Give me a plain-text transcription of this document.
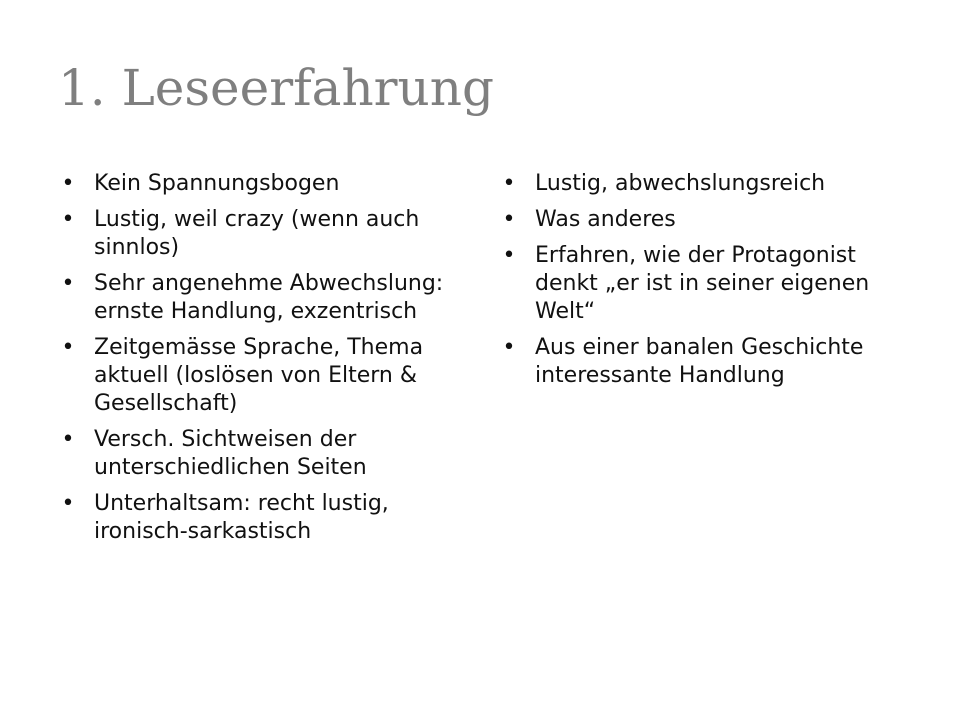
1. Leseerfahrung
• Kein Spannungsbogen
• Lustig, weil crazy (wenn auch sinnlos)
• Sehr angenehme Abwechslung: ernste Handlung, exzentrisch
• Zeitgemässe Sprache, Thema aktuell (loslösen von Eltern & Gesellschaft)
• Versch. Sichtweisen der unterschiedlichen Seiten
• Unterhaltsam: recht lustig, ironisch-sarkastisch
• Lustig, abwechslungsreich
• Was anderes
• Erfahren, wie der Protagonist denkt „er ist in seiner eigenen Welt“
• Aus einer banalen Geschichte interessante Handlung
